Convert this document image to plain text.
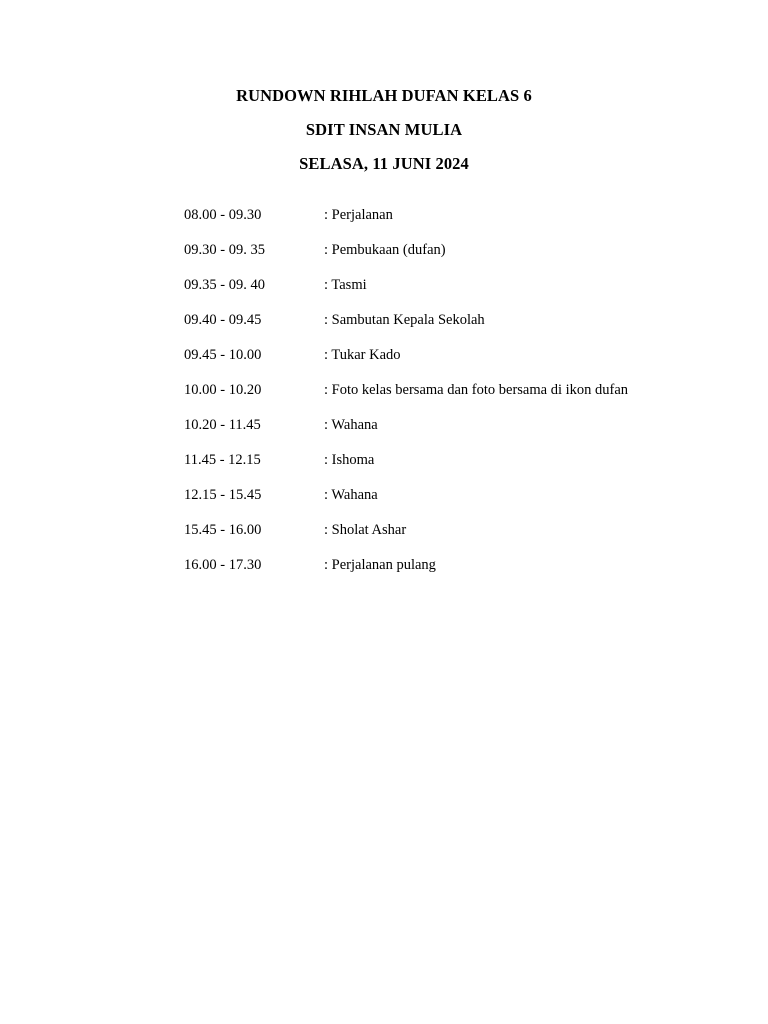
RUNDOWN RIHLAH DUFAN KELAS 6
SDIT INSAN MULIA
SELASA, 11 JUNI 2024
08.00 - 09.30	: Perjalanan
09.30 - 09. 35	: Pembukaan (dufan)
09.35 - 09. 40	: Tasmi
09.40 - 09.45	: Sambutan Kepala Sekolah
09.45 - 10.00	: Tukar Kado
10.00 - 10.20	: Foto kelas bersama dan foto bersama di ikon dufan
10.20 - 11.45	: Wahana
11.45 - 12.15	: Ishoma
12.15 - 15.45	: Wahana
15.45 - 16.00	: Sholat Ashar
16.00 - 17.30	: Perjalanan pulang
